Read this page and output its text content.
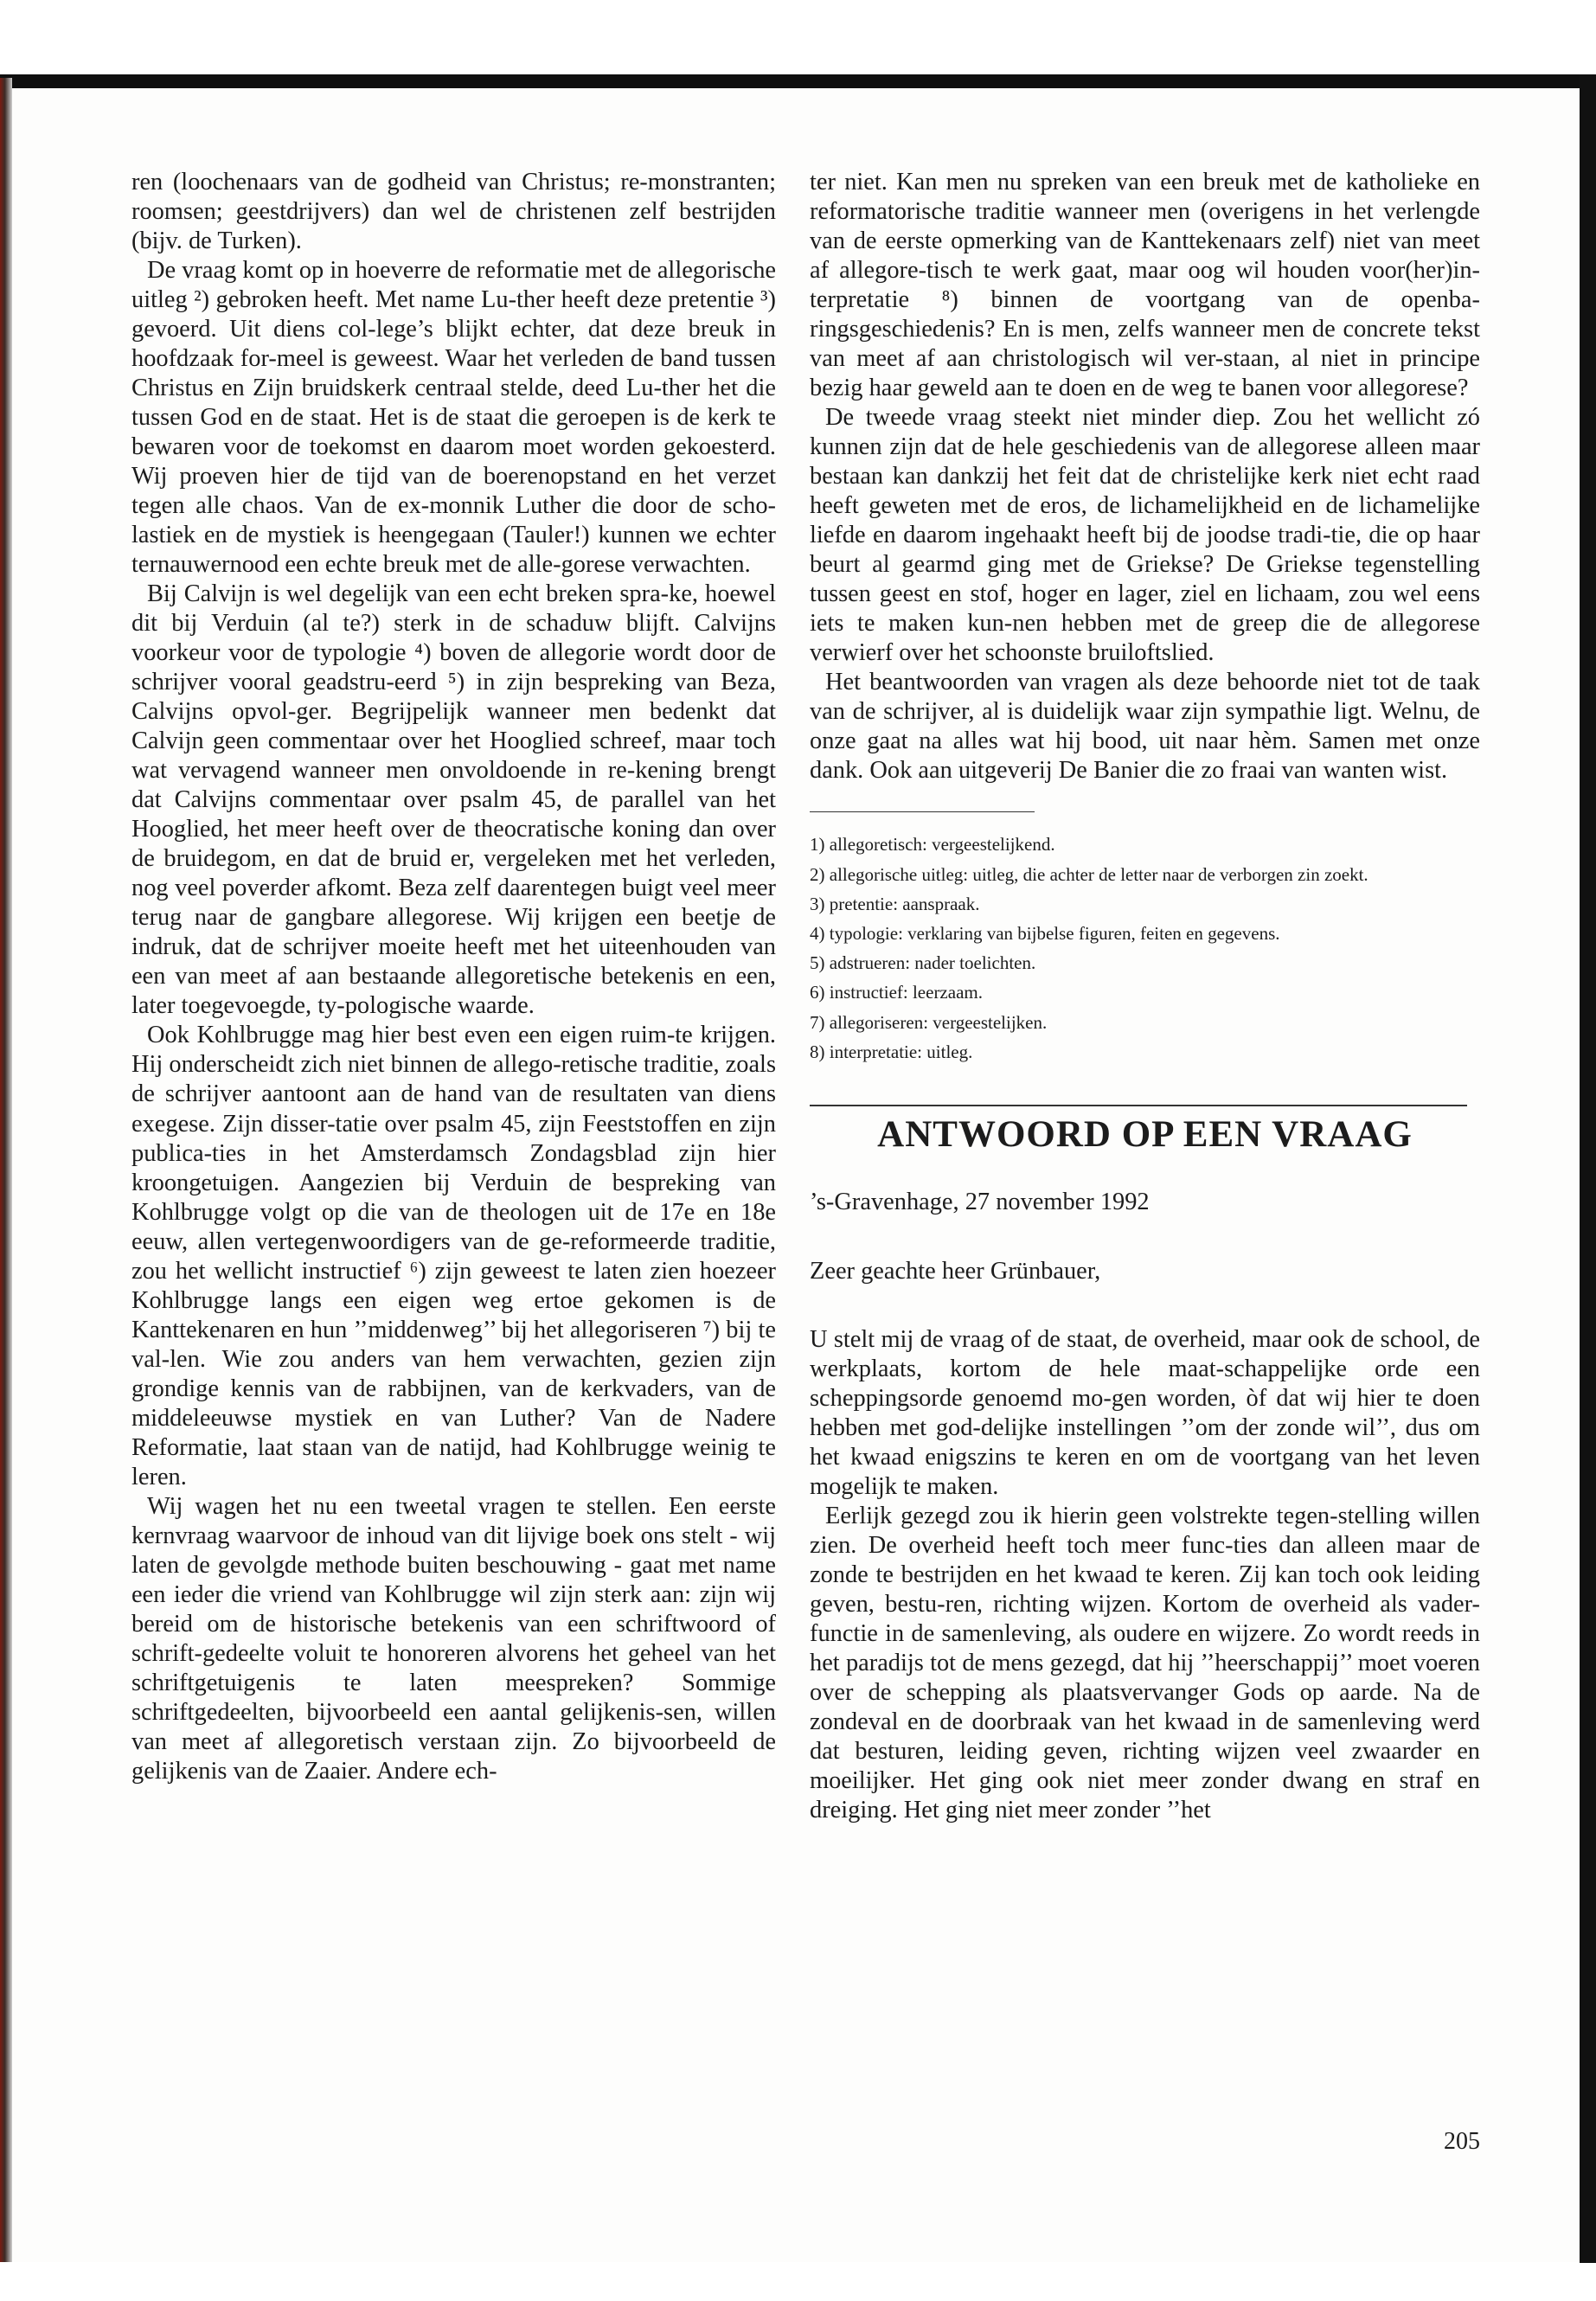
ren (loochenaars van de godheid van Christus; re-monstranten; roomsen; geestdrijvers) dan wel de christenen zelf bestrijden (bijv. de Turken).

De vraag komt op in hoeverre de reformatie met de allegorische uitleg ²) gebroken heeft. Met name Lu-ther heeft deze pretentie ³) gevoerd. Uit diens col-lege’s blijkt echter, dat deze breuk in hoofdzaak for-meel is geweest. Waar het verleden de band tussen Christus en Zijn bruidskerk centraal stelde, deed Lu-ther het die tussen God en de staat. Het is de staat die geroepen is de kerk te bewaren voor de toekomst en daarom moet worden gekoesterd. Wij proeven hier de tijd van de boerenopstand en het verzet tegen alle chaos. Van de ex-monnik Luther die door de scho-lastiek en de mystiek is heengegaan (Tauler!) kunnen we echter ternauwernood een echte breuk met de alle-gorese verwachten.

Bij Calvijn is wel degelijk van een echt breken spra-ke, hoewel dit bij Verduin (al te?) sterk in de schaduw blijft. Calvijns voorkeur voor de typologie ⁴) boven de allegorie wordt door de schrijver vooral geadstru-eerd ⁵) in zijn bespreking van Beza, Calvijns opvol-ger. Begrijpelijk wanneer men bedenkt dat Calvijn geen commentaar over het Hooglied schreef, maar toch wat vervagend wanneer men onvoldoende in re-kening brengt dat Calvijns commentaar over psalm 45, de parallel van het Hooglied, het meer heeft over de theocratische koning dan over de bruidegom, en dat de bruid er, vergeleken met het verleden, nog veel poverder afkomt. Beza zelf daarentegen buigt veel meer terug naar de gangbare allegorese. Wij krijgen een beetje de indruk, dat de schrijver moeite heeft met het uiteenhouden van een van meet af aan bestaande allegoretische betekenis en een, later toegevoegde, ty-pologische waarde.

Ook Kohlbrugge mag hier best even een eigen ruim-te krijgen. Hij onderscheidt zich niet binnen de allego-retische traditie, zoals de schrijver aantoont aan de hand van de resultaten van diens exegese. Zijn disser-tatie over psalm 45, zijn Feeststoffen en zijn publica-ties in het Amsterdamsch Zondagsblad zijn hier kroongetuigen. Aangezien bij Verduin de bespreking van Kohlbrugge volgt op die van de theologen uit de 17e en 18e eeuw, allen vertegenwoordigers van de ge-reformeerde traditie, zou het wellicht instructief ⁶) zijn geweest te laten zien hoezeer Kohlbrugge langs een eigen weg ertoe gekomen is de Kanttekenaren en hun ’’middenweg’’ bij het allegoriseren ⁷) bij te val-len. Wie zou anders van hem verwachten, gezien zijn grondige kennis van de rabbijnen, van de kerkvaders, van de middeleeuwse mystiek en van Luther? Van de Nadere Reformatie, laat staan van de natijd, had Kohlbrugge weinig te leren.

Wij wagen het nu een tweetal vragen te stellen. Een eerste kernvraag waarvoor de inhoud van dit lijvige boek ons stelt - wij laten de gevolgde methode buiten beschouwing - gaat met name een ieder die vriend van Kohlbrugge wil zijn sterk aan: zijn wij bereid om de historische betekenis van een schriftwoord of schrift-gedeelte voluit te honoreren alvorens het geheel van het schriftgetuigenis te laten meespreken? Sommige schriftgedeelten, bijvoorbeeld een aantal gelijkenis-sen, willen van meet af allegoretisch verstaan zijn. Zo bijvoorbeeld de gelijkenis van de Zaaier. Andere ech-

ter niet. Kan men nu spreken van een breuk met de katholieke en reformatorische traditie wanneer men (overigens in het verlengde van de eerste opmerking van de Kanttekenaars zelf) niet van meet af allegore-tisch te werk gaat, maar oog wil houden voor(her)in-terpretatie ⁸) binnen de voortgang van de openba-ringsgeschiedenis? En is men, zelfs wanneer men de concrete tekst van meet af aan christologisch wil ver-staan, al niet in principe bezig haar geweld aan te doen en de weg te banen voor allegorese?

De tweede vraag steekt niet minder diep. Zou het wellicht zó kunnen zijn dat de hele geschiedenis van de allegorese alleen maar bestaan kan dankzij het feit dat de christelijke kerk niet echt raad heeft geweten met de eros, de lichamelijkheid en de lichamelijke liefde en daarom ingehaakt heeft bij de joodse tradi-tie, die op haar beurt al gearmd ging met de Griekse? De Griekse tegenstelling tussen geest en stof, hoger en lager, ziel en lichaam, zou wel eens iets te maken kun-nen hebben met de greep die de allegorese verwierf over het schoonste bruiloftslied.

Het beantwoorden van vragen als deze behoorde niet tot de taak van de schrijver, al is duidelijk waar zijn sympathie ligt. Welnu, de onze gaat na alles wat hij bood, uit naar hèm. Samen met onze dank. Ook aan uitgeverij De Banier die zo fraai van wanten wist.

1) allegoretisch: vergeestelijkend.

2) allegorische uitleg: uitleg, die achter de letter naar de verborgen zin zoekt.

3) pretentie: aanspraak.

4) typologie: verklaring van bijbelse figuren, feiten en gegevens.

5) adstrueren: nader toelichten.

6) instructief: leerzaam.

7) allegoriseren: vergeestelijken.

8) interpretatie: uitleg.

ANTWOORD OP EEN VRAAG

’s-Gravenhage, 27 november 1992

Zeer geachte heer Grünbauer,

U stelt mij de vraag of de staat, de overheid, maar ook de school, de werkplaats, kortom de hele maat-schappelijke orde een scheppingsorde genoemd mo-gen worden, òf dat wij hier te doen hebben met god-delijke instellingen ’’om der zonde wil’’, dus om het kwaad enigszins te keren en om de voortgang van het leven mogelijk te maken.

Eerlijk gezegd zou ik hierin geen volstrekte tegen-stelling willen zien. De overheid heeft toch meer func-ties dan alleen maar de zonde te bestrijden en het kwaad te keren. Zij kan toch ook leiding geven, bestu-ren, richting wijzen. Kortom de overheid als vader-functie in de samenleving, als oudere en wijzere. Zo wordt reeds in het paradijs tot de mens gezegd, dat hij ’’heerschappij’’ moet voeren over de schepping als plaatsvervanger Gods op aarde. Na de zondeval en de doorbraak van het kwaad in de samenleving werd dat besturen, leiding geven, richting wijzen veel zwaarder en moeilijker. Het ging ook niet meer zonder dwang en straf en dreiging. Het ging niet meer zonder ’’het

205
